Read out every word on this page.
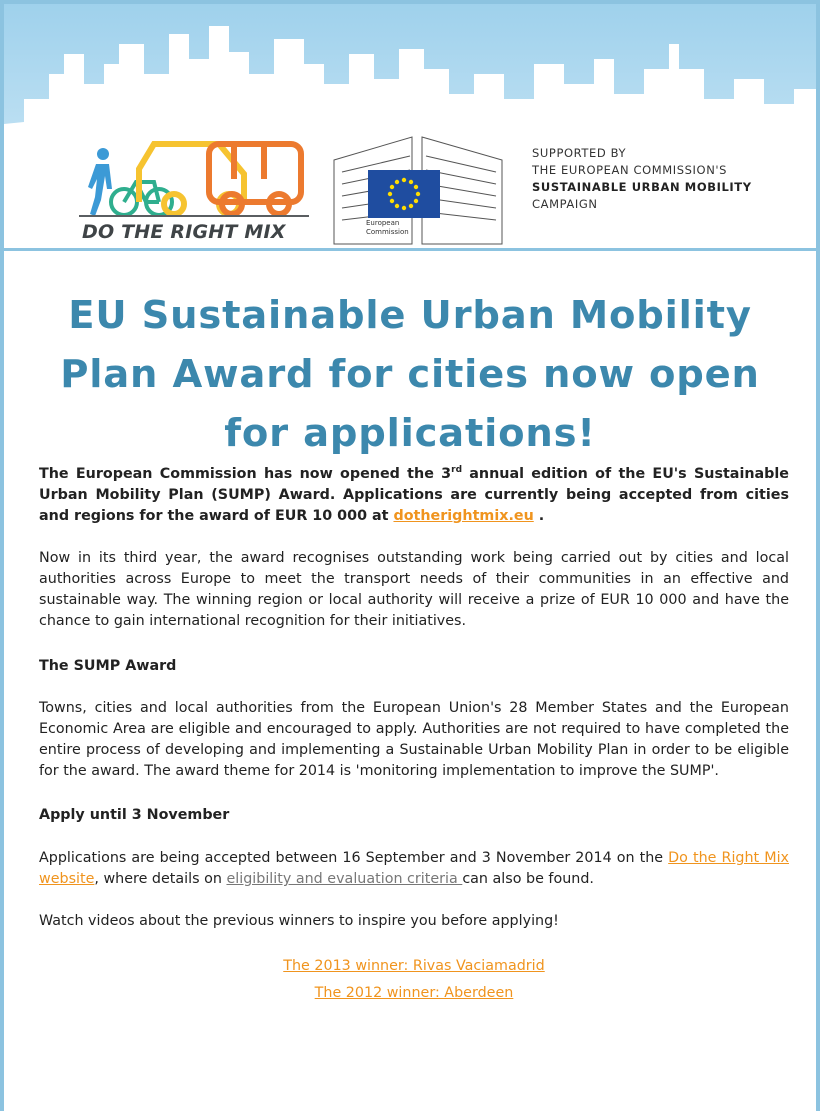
DO THE RIGHT MIX	European
Commission
SUPPORTED BY
THE EUROPEAN COMMISSION'S
SUSTAINABLE URBAN MOBILITY
CAMPAIGN
EU Sustainable Urban Mobility Plan Award for cities now open for applications!

The European Commission has now opened the 3rd annual edition of the EU's Sustainable Urban Mobility Plan (SUMP) Award. Applications are currently being accepted from cities and regions for the award of EUR 10 000 at dotherightmix.eu .

Now in its third year, the award recognises outstanding work being carried out by cities and local authorities across Europe to meet the transport needs of their communities in an effective and sustainable way. The winning region or local authority will receive a prize of EUR 10 000 and have the chance to gain international recognition for their initiatives.

The SUMP Award

Towns, cities and local authorities from the European Union's 28 Member States and the European Economic Area are eligible and encouraged to apply. Authorities are not required to have completed the entire process of developing and implementing a Sustainable Urban Mobility Plan in order to be eligible for the award. The award theme for 2014 is 'monitoring implementation to improve the SUMP'.

Apply until 3 November

Applications are being accepted between 16 September and 3 November 2014 on the Do the Right Mix website, where details on eligibility and evaluation criteria can also be found.

Watch videos about the previous winners to inspire you before applying!

The 2013 winner: Rivas Vaciamadrid

The 2012 winner: Aberdeen
